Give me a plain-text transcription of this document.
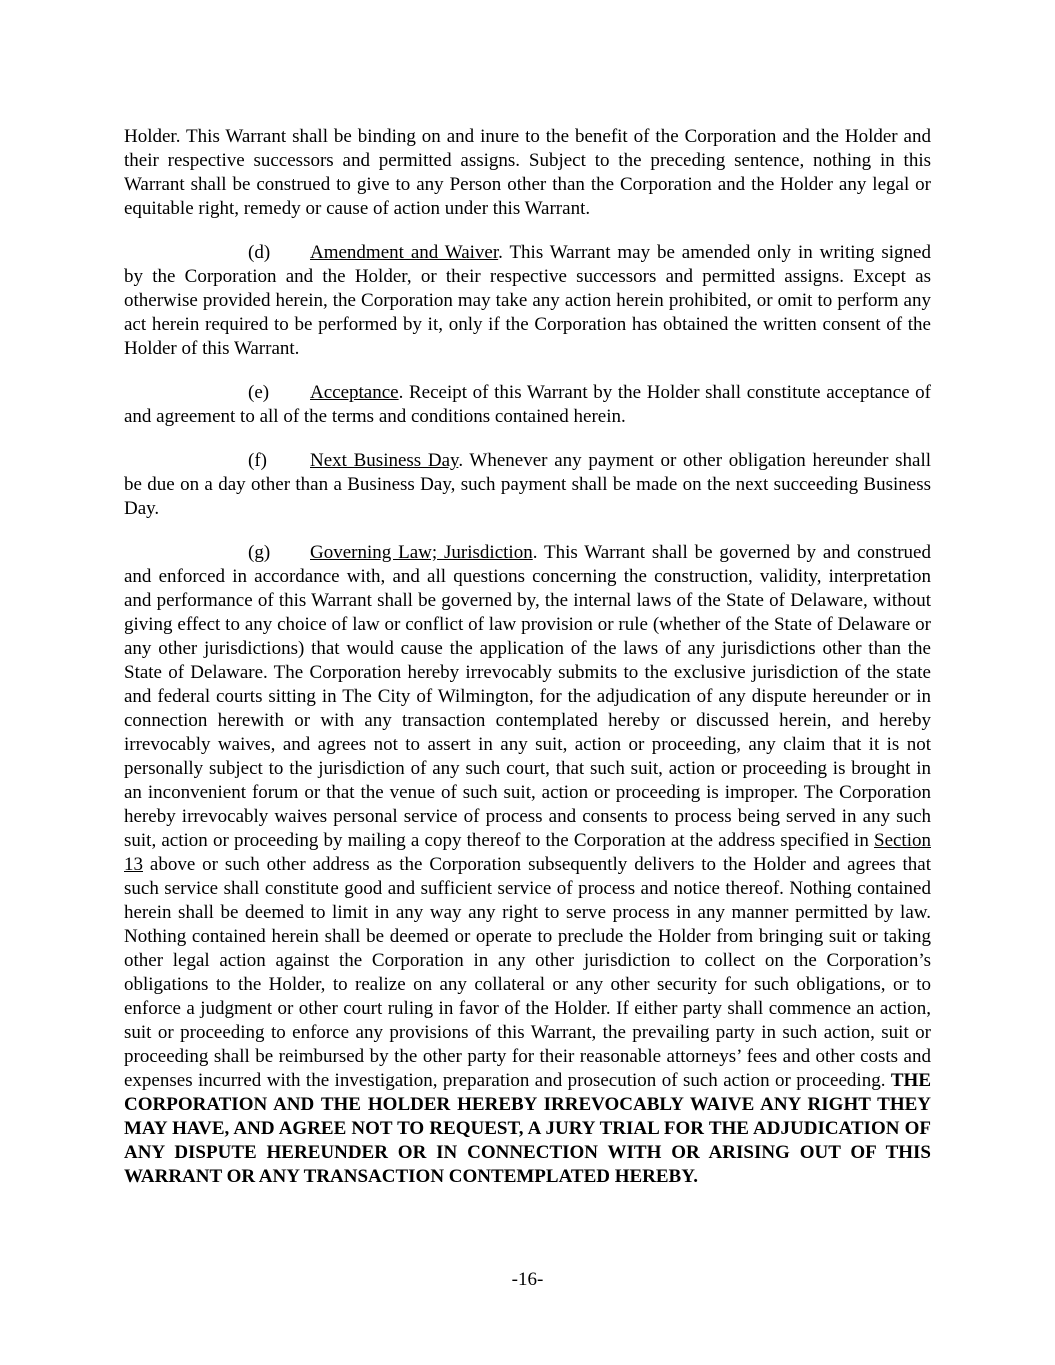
Holder. This Warrant shall be binding on and inure to the benefit of the Corporation and the Holder and their respective successors and permitted assigns. Subject to the preceding sentence, nothing in this Warrant shall be construed to give to any Person other than the Corporation and the Holder any legal or equitable right, remedy or cause of action under this Warrant.

(d) Amendment and Waiver. This Warrant may be amended only in writing signed by the Corporation and the Holder, or their respective successors and permitted assigns. Except as otherwise provided herein, the Corporation may take any action herein prohibited, or omit to perform any act herein required to be performed by it, only if the Corporation has obtained the written consent of the Holder of this Warrant.

(e) Acceptance. Receipt of this Warrant by the Holder shall constitute acceptance of and agreement to all of the terms and conditions contained herein.

(f) Next Business Day. Whenever any payment or other obligation hereunder shall be due on a day other than a Business Day, such payment shall be made on the next succeeding Business Day.

(g) Governing Law; Jurisdiction. This Warrant shall be governed by and construed and enforced in accordance with, and all questions concerning the construction, validity, interpretation and performance of this Warrant shall be governed by, the internal laws of the State of Delaware, without giving effect to any choice of law or conflict of law provision or rule (whether of the State of Delaware or any other jurisdictions) that would cause the application of the laws of any jurisdictions other than the State of Delaware. The Corporation hereby irrevocably submits to the exclusive jurisdiction of the state and federal courts sitting in The City of Wilmington, for the adjudication of any dispute hereunder or in connection herewith or with any transaction contemplated hereby or discussed herein, and hereby irrevocably waives, and agrees not to assert in any suit, action or proceeding, any claim that it is not personally subject to the jurisdiction of any such court, that such suit, action or proceeding is brought in an inconvenient forum or that the venue of such suit, action or proceeding is improper. The Corporation hereby irrevocably waives personal service of process and consents to process being served in any such suit, action or proceeding by mailing a copy thereof to the Corporation at the address specified in Section 13 above or such other address as the Corporation subsequently delivers to the Holder and agrees that such service shall constitute good and sufficient service of process and notice thereof. Nothing contained herein shall be deemed to limit in any way any right to serve process in any manner permitted by law. Nothing contained herein shall be deemed or operate to preclude the Holder from bringing suit or taking other legal action against the Corporation in any other jurisdiction to collect on the Corporation’s obligations to the Holder, to realize on any collateral or any other security for such obligations, or to enforce a judgment or other court ruling in favor of the Holder. If either party shall commence an action, suit or proceeding to enforce any provisions of this Warrant, the prevailing party in such action, suit or proceeding shall be reimbursed by the other party for their reasonable attorneys’ fees and other costs and expenses incurred with the investigation, preparation and prosecution of such action or proceeding. THE CORPORATION AND THE HOLDER HEREBY IRREVOCABLY WAIVE ANY RIGHT THEY MAY HAVE, AND AGREE NOT TO REQUEST, A JURY TRIAL FOR THE ADJUDICATION OF ANY DISPUTE HEREUNDER OR IN CONNECTION WITH OR ARISING OUT OF THIS WARRANT OR ANY TRANSACTION CONTEMPLATED HEREBY.

-16-
